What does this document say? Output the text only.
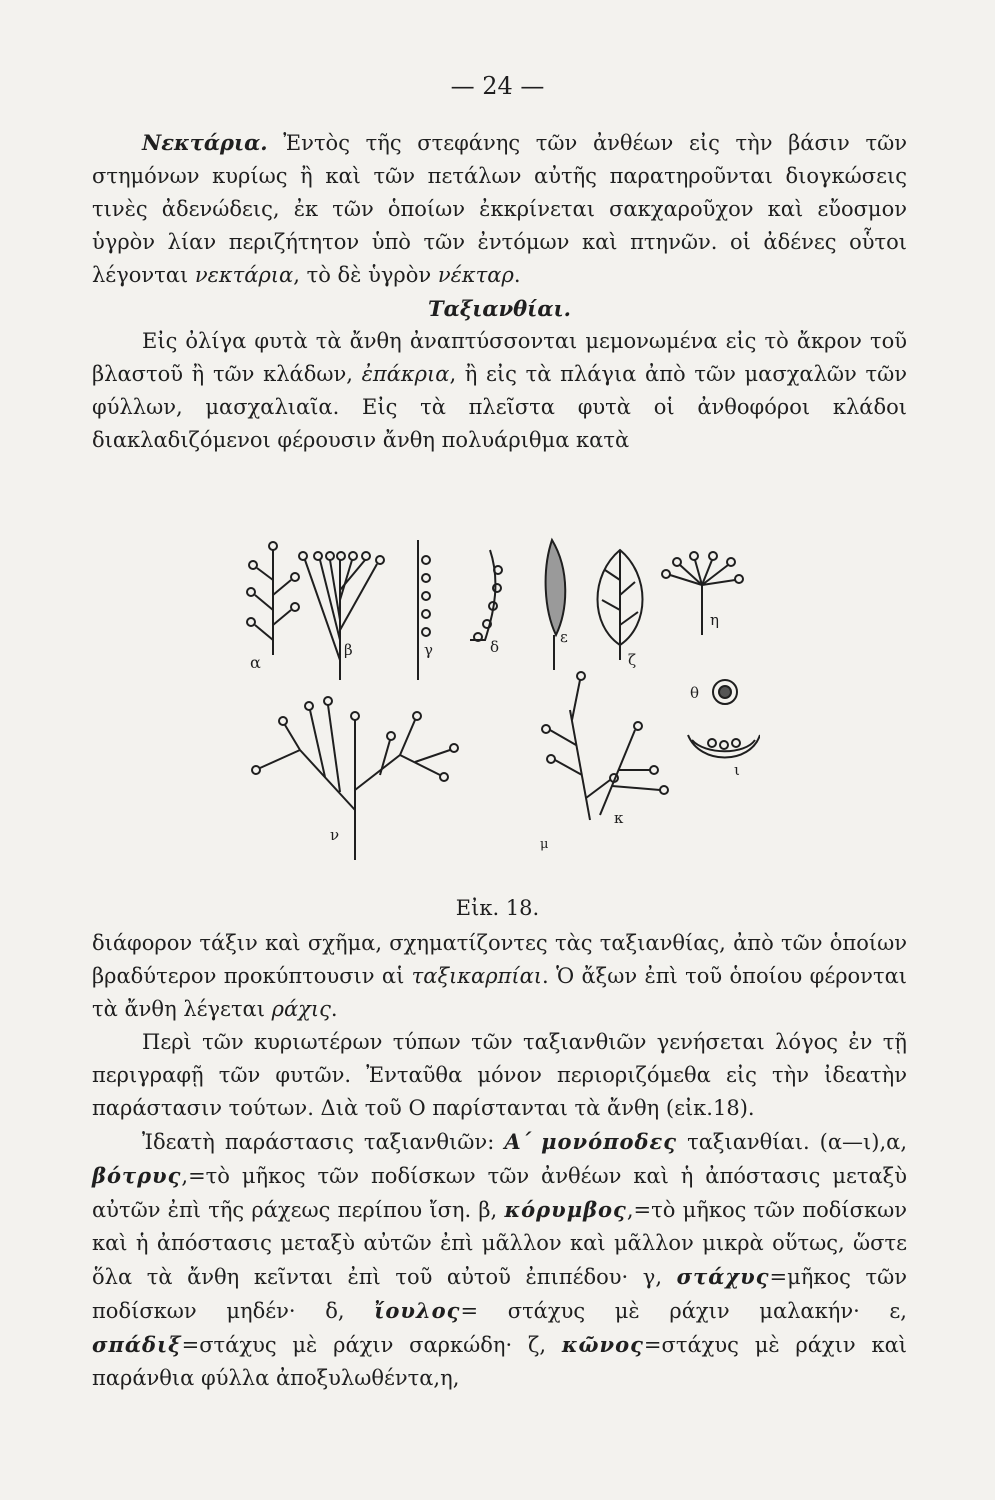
— 24 —

Νεκτάρια. Ἐντὸς τῆς στεφάνης τῶν ἀνθέων εἰς τὴν βάσιν τῶν στημόνων κυρίως ἢ καὶ τῶν πετάλων αὐτῆς παρατηροῦνται διογκώσεις τινὲς ἀδενώδεις, ἐκ τῶν ὁποίων ἐκκρίνεται σακχαροῦχον καὶ εὔοσμον ὑγρὸν λίαν περιζήτητον ὑπὸ τῶν ἐντόμων καὶ πτηνῶν. οἱ ἀδένες οὗτοι λέγονται νεκτάρια, τὸ δὲ ὑγρὸν νέκταρ.

Ταξιανθίαι.

Εἰς ὀλίγα φυτὰ τὰ ἄνθη ἀναπτύσσονται μεμονωμένα εἰς τὸ ἄκρον τοῦ βλαστοῦ ἢ τῶν κλάδων, ἐπάκρια, ἢ εἰς τὰ πλάγια ἀπὸ τῶν μασχαλῶν τῶν φύλλων, μασχαλιαῖα. Εἰς τὰ πλεῖστα φυτὰ οἱ ἀνθοφόροι κλάδοι διακλαδιζόμενοι φέρουσιν ἄνθη πολυάριθμα κατὰ

α
β	γ	δ
ε
ζ
η
θ
ι
ν
μ
κ
Εἰκ. 18.

διάφορον τάξιν καὶ σχῆμα, σχηματίζοντες τὰς ταξιανθίας, ἀπὸ τῶν ὁποίων βραδύτερον προκύπτουσιν αἱ ταξικαρπίαι. Ὁ ἄξων ἐπὶ τοῦ ὁποίου φέρονται τὰ ἄνθη λέγεται ράχις.

Περὶ τῶν κυριωτέρων τύπων τῶν ταξιανθιῶν γενήσεται λόγος ἐν τῇ περιγραφῇ τῶν φυτῶν. Ἐνταῦθα μόνον περιοριζόμεθα εἰς τὴν ἰδεατὴν παράστασιν τούτων. Διὰ τοῦ Ο παρίστανται τὰ ἄνθη (εἰκ.18).

Ἰδεατὴ παράστασις ταξιανθιῶν: Α΄ μονόποδες ταξιανθίαι. (α—ι),α, βότρυς,=τὸ μῆκος τῶν ποδίσκων τῶν ἀνθέων καὶ ἡ ἀπόστασις μεταξὺ αὐτῶν ἐπὶ τῆς ράχεως περίπου ἴση. β, κόρυμβος,=τὸ μῆκος τῶν ποδίσκων καὶ ἡ ἀπόστασις μεταξὺ αὐτῶν ἐπὶ μᾶλλον καὶ μᾶλλον μικρὰ οὕτως, ὥστε ὅλα τὰ ἄνθη κεῖνται ἐπὶ τοῦ αὐτοῦ ἐπιπέδου· γ, στάχυς=μῆκος τῶν ποδίσκων μηδέν· δ, ἴουλος= στάχυς μὲ ράχιν μαλακήν· ε, σπάδιξ=στάχυς μὲ ράχιν σαρκώδη· ζ, κῶνος=στάχυς μὲ ράχιν καὶ παράνθια φύλλα ἀποξυλωθέντα,η,
